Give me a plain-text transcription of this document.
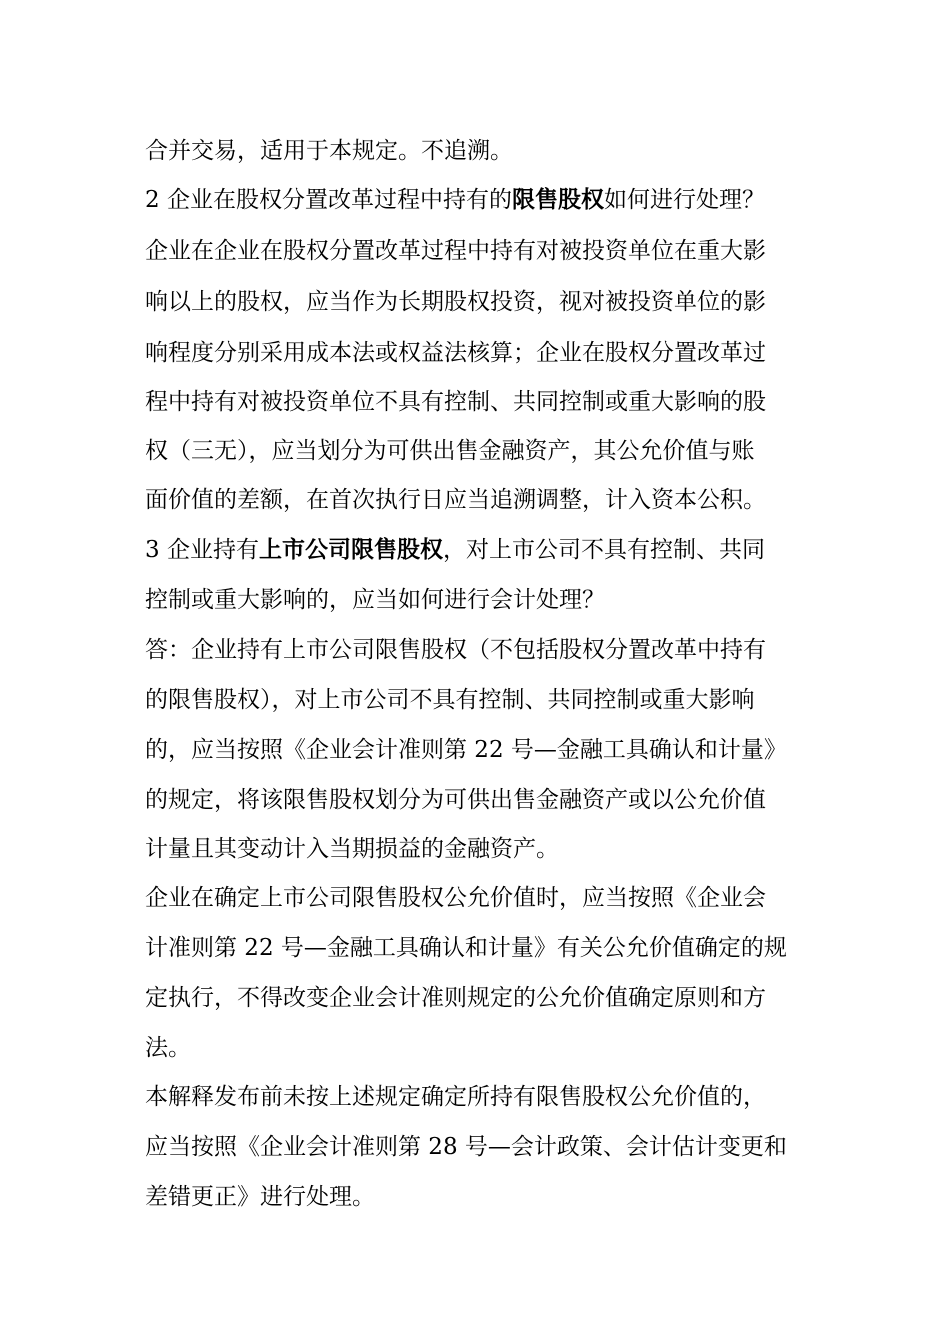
合并交易，适用于本规定。不追溯。
2 企业在股权分置改革过程中持有的限售股权如何进行处理？
企业在企业在股权分置改革过程中持有对被投资单位在重大影
响以上的股权，应当作为长期股权投资，视对被投资单位的影
响程度分别采用成本法或权益法核算；企业在股权分置改革过
程中持有对被投资单位不具有控制、共同控制或重大影响的股
权（三无），应当划分为可供出售金融资产，其公允价值与账
面价值的差额，在首次执行日应当追溯调整，计入资本公积。
3 企业持有上市公司限售股权，对上市公司不具有控制、共同
控制或重大影响的，应当如何进行会计处理？
答：企业持有上市公司限售股权（不包括股权分置改革中持有
的限售股权），对上市公司不具有控制、共同控制或重大影响
的，应当按照《企业会计准则第 22 号—金融工具确认和计量》
的规定，将该限售股权划分为可供出售金融资产或以公允价值
计量且其变动计入当期损益的金融资产。
企业在确定上市公司限售股权公允价值时，应当按照《企业会
计准则第 22 号—金融工具确认和计量》有关公允价值确定的规
定执行，不得改变企业会计准则规定的公允价值确定原则和方
法。
本解释发布前未按上述规定确定所持有限售股权公允价值的，
应当按照《企业会计准则第 28 号—会计政策、会计估计变更和
差错更正》进行处理。
